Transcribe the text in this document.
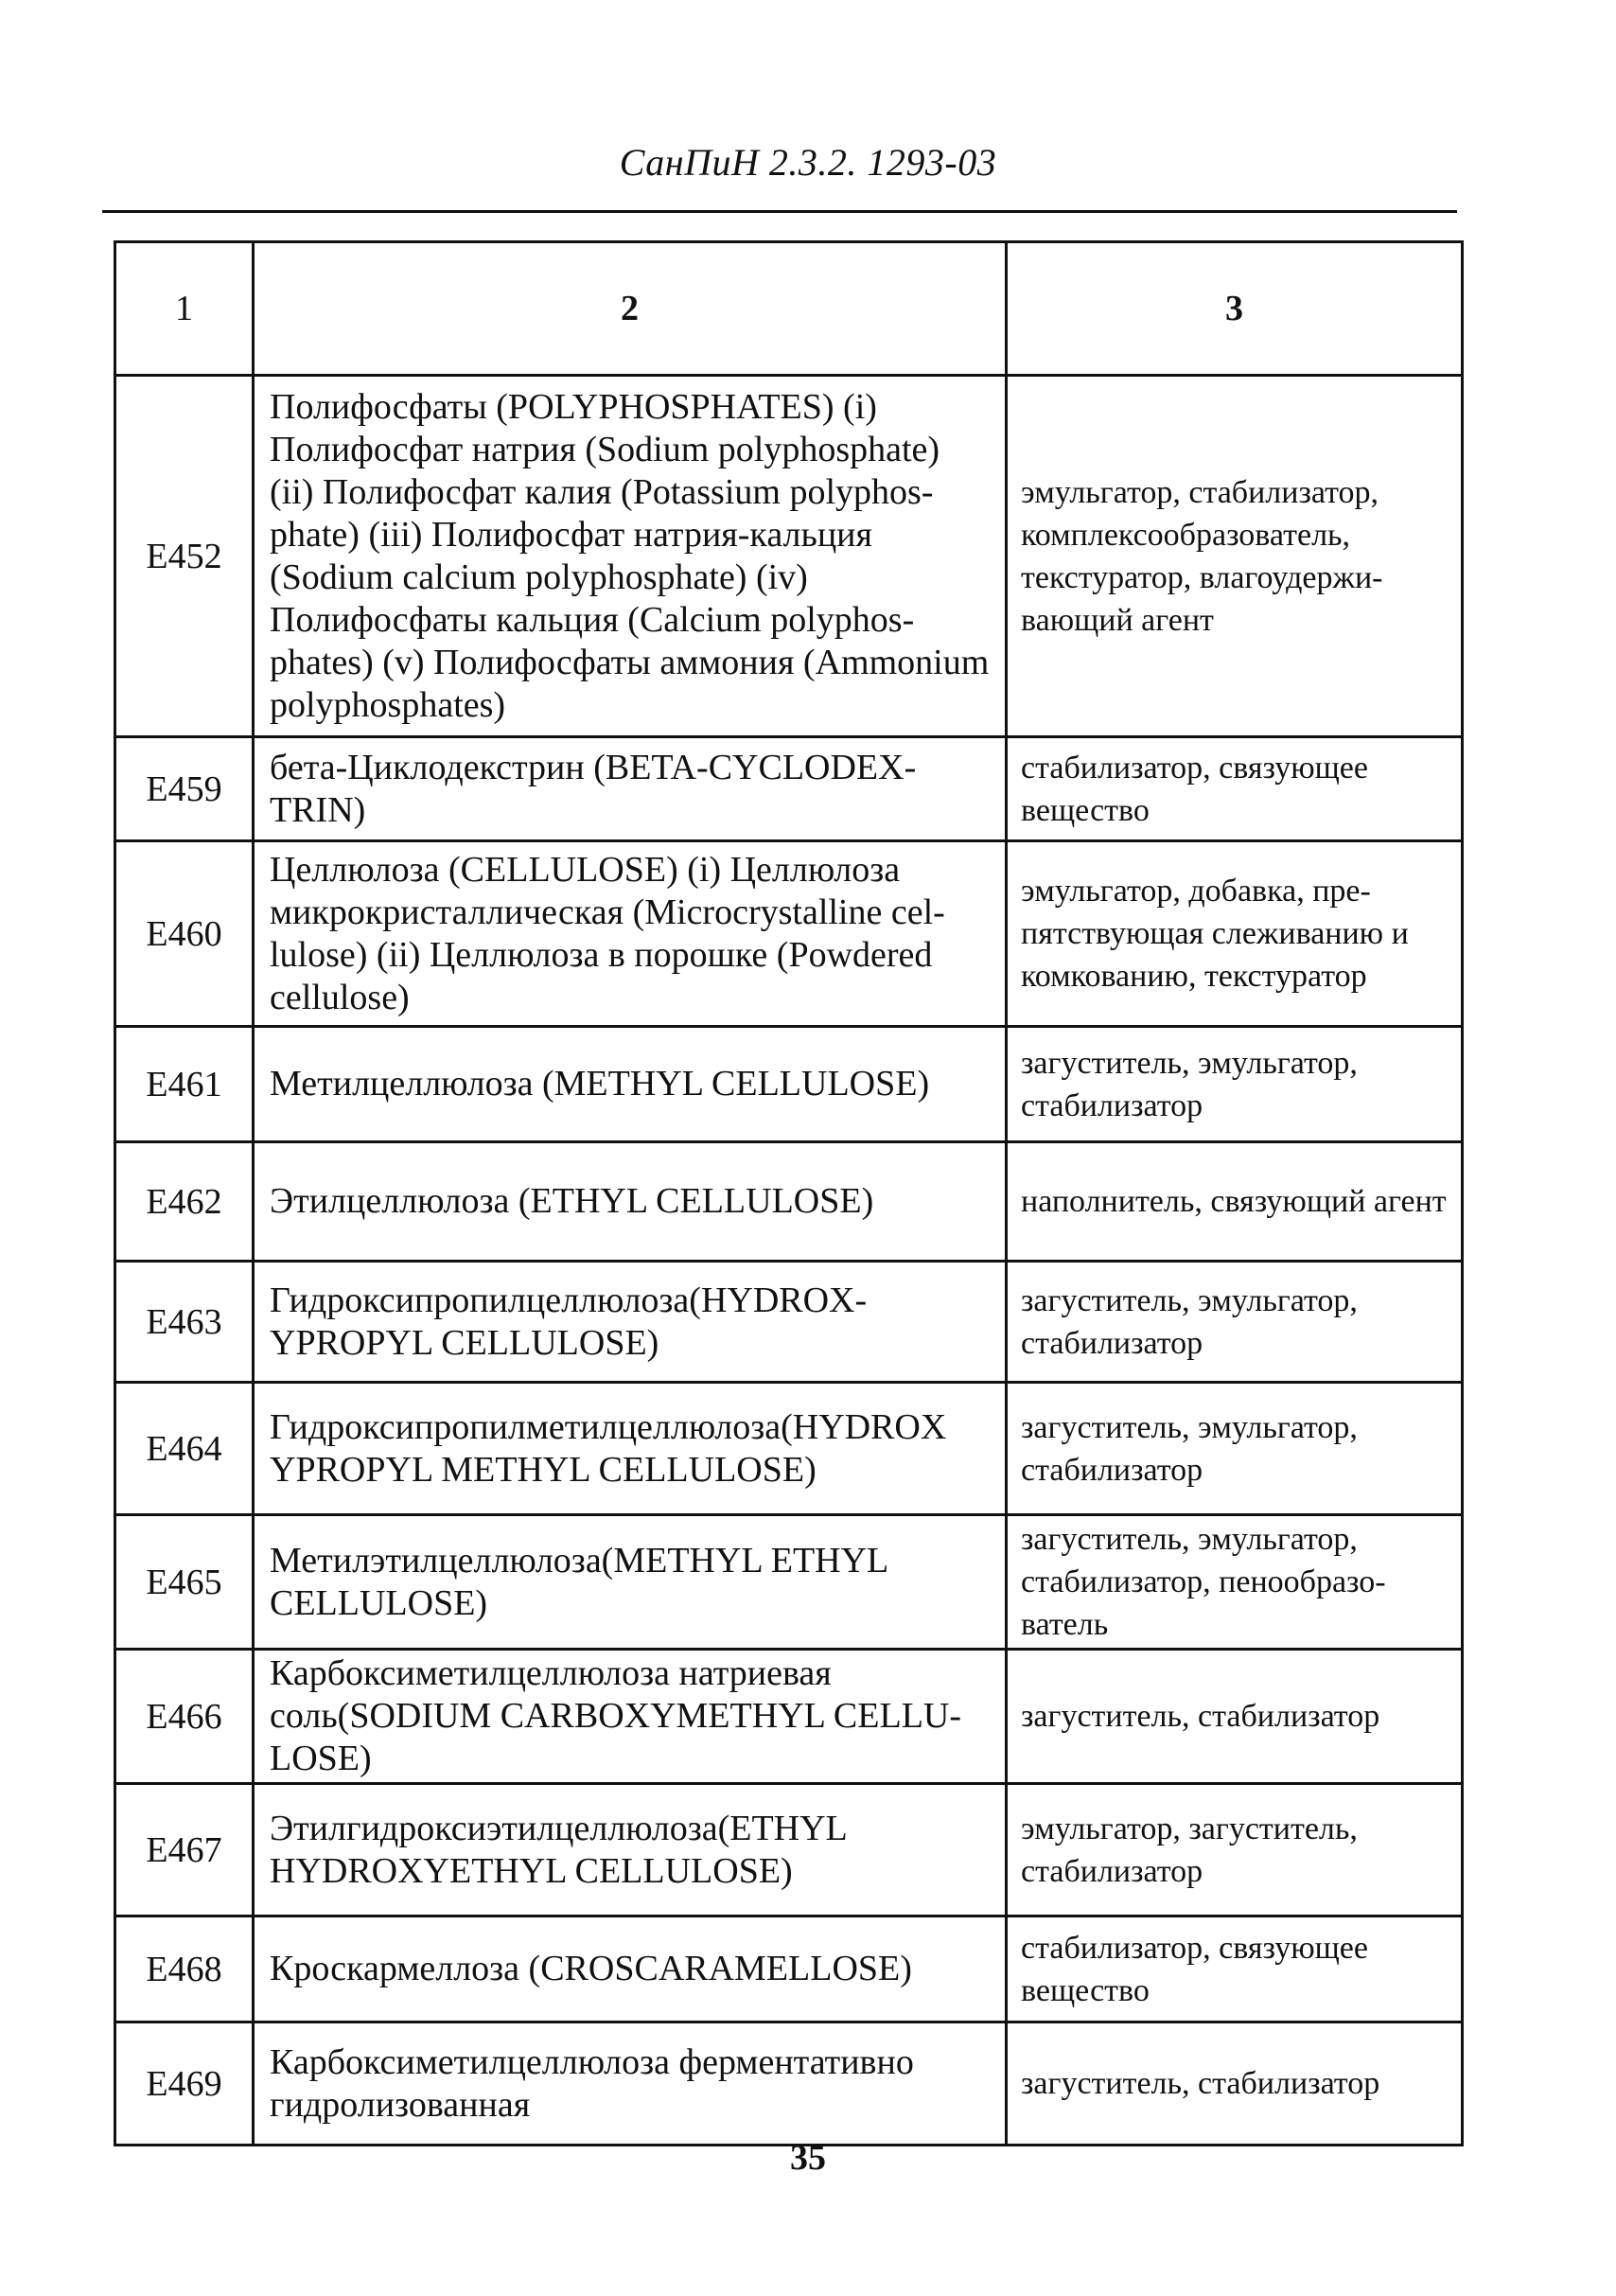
СанПиН 2.3.2. 1293-03
1	2	3
E452	Полифосфаты (POLYPHOSPHATES) (i) Полифосфат натрия (Sodium polyphosphate) (ii) Полифосфат калия (Potassium polyphos-phate) (iii) Полифосфат натрия-кальция (Sodium calcium polyphosphate) (iv) Полифосфаты кальция (Calcium polyphos-phates) (v) Полифосфаты аммония (Ammonium polyphosphates)	эмульгатор, стабилизатор, комплексообразователь, текстуратор, влагоудержи-вающий агент
E459	бета-Циклодекстрин (BETA-CYCLODEX-TRIN)	стабилизатор, связующее вещество
E460	Целлюлоза (CELLULOSE) (i) Целлюлоза микрокристаллическая (Microcrystalline cel-lulose) (ii) Целлюлоза в порошке (Powdered cellulose)	эмульгатор, добавка, пре-пятствующая слеживанию и комкованию, текстуратор
E461	Метилцеллюлоза (METHYL CELLULOSE)	загуститель, эмульгатор, стабилизатор
E462	Этилцеллюлоза (ETHYL CELLULOSE)	наполнитель, связующий агент
E463	Гидроксипропилцеллюлоза(HYDROX-YPROPYL CELLULOSE)	загуститель, эмульгатор, стабилизатор
E464	Гидроксипропилметилцеллюлоза(HYDROX YPROPYL METHYL CELLULOSE)	загуститель, эмульгатор, стабилизатор
E465	Метилэтилцеллюлоза(METHYL ETHYL CELLULOSE)	загуститель, эмульгатор, стабилизатор, пенообразо-ватель
E466	Карбоксиметилцеллюлоза натриевая соль(SODIUM CARBOXYMETHYL CELLU-LOSE)	загуститель, стабилизатор
E467	Этилгидроксиэтилцеллюлоза(ETHYL HYDROXYETHYL CELLULOSE)	эмульгатор, загуститель, стабилизатор
E468	Кроскармеллоза (CROSCARAMELLOSE)	стабилизатор, связующее вещество
E469	Карбоксиметилцеллюлоза ферментативно гидролизованная	загуститель, стабилизатор
35
